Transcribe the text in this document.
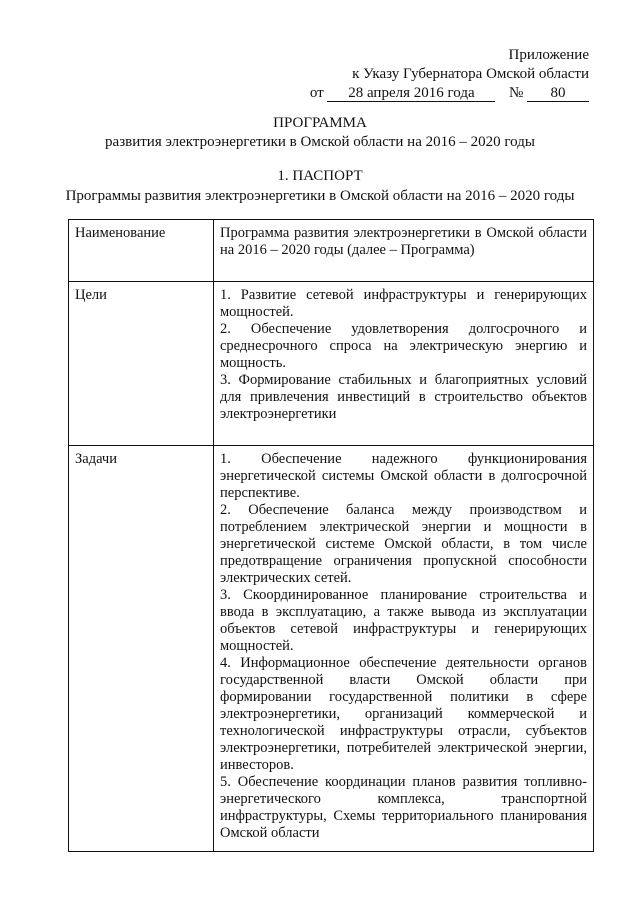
Приложение
к Указу Губернатора Омской области
от 28 апреля 2016 года № 80
ПРОГРАММА
развития электроэнергетики в Омской области на 2016 – 2020 годы
1. ПАСПОРТ
Программы развития электроэнергетики в Омской области на 2016 – 2020 годы
Наименование	Программа развития электроэнергетики в Омской области на 2016 – 2020 годы (далее – Программа)
Цели	1. Развитие сетевой инфраструктуры и генерирующих мощностей.

2. Обеспечение удовлетворения долгосрочного и среднесрочного спроса на электрическую энергию и мощность.

3. Формирование стабильных и благоприятных условий для привлечения инвестиций в строительство объектов электроэнергетики

Задачи	1. Обеспечение надежного функционирования энергетической системы Омской области в долгосрочной перспективе.

2. Обеспечение баланса между производством и потреблением электрической энергии и мощности в энергетической системе Омской области, в том числе предотвращение ограничения пропускной способности электрических сетей.

3. Скоординированное планирование строительства и ввода в эксплуатацию, а также вывода из эксплуатации объектов сетевой инфраструктуры и генерирующих мощностей.

4. Информационное обеспечение деятельности органов государственной власти Омской области при формировании государственной политики в сфере электроэнергетики, организаций коммерческой и технологической инфраструктуры отрасли, субъектов электроэнергетики, потребителей электрической энергии, инвесторов.

5. Обеспечение координации планов развития топливно-энергетического комплекса, транспортной инфраструктуры, Схемы территориального планирования Омской области
